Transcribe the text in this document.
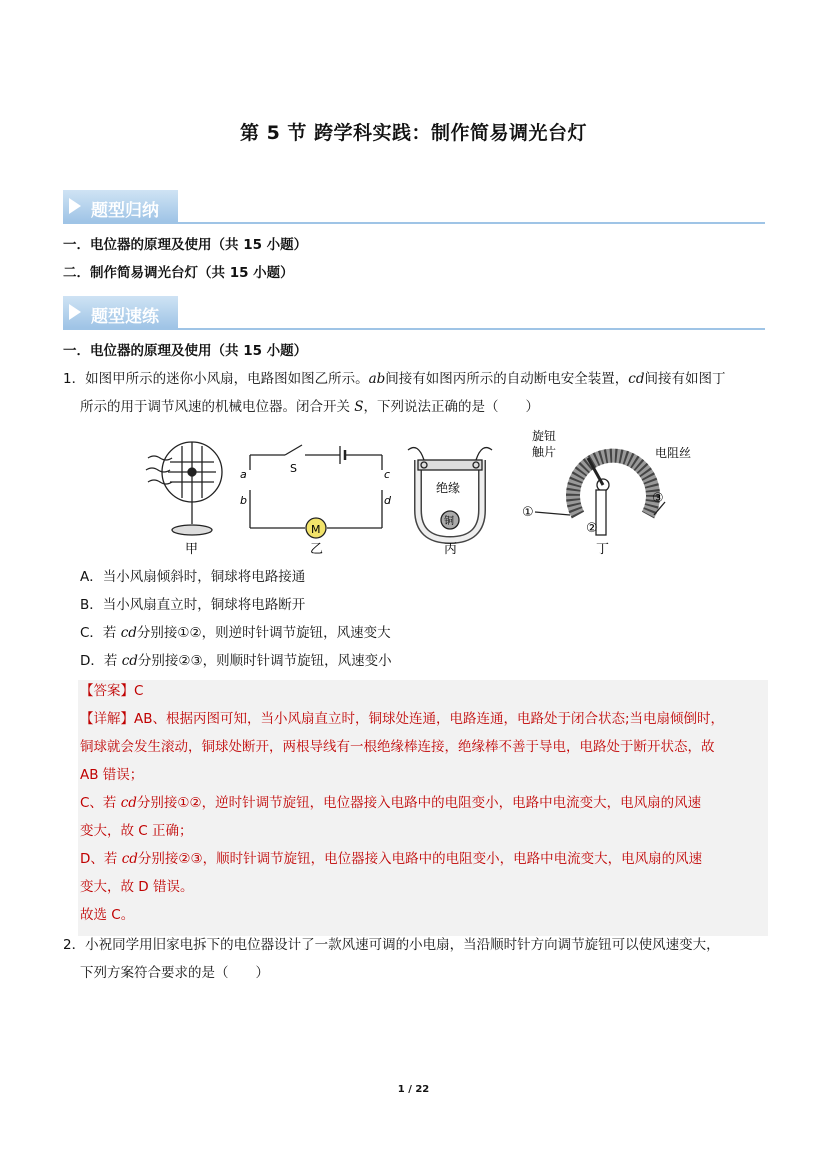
第 5 节 跨学科实践：制作简易调光台灯
题型归纳
一．电位器的原理及使用（共 15 小题）
二．制作简易调光台灯（共 15 小题）
题型速练
一．电位器的原理及使用（共 15 小题）
1．如图甲所示的迷你小风扇，电路图如图乙所示。ab间接有如图丙所示的自动断电安全装置，cd间接有如图丁
所示的用于调节风速的机械电位器。闭合开关 S，下列说法正确的是（　　）
甲
M
S
a
b
c
d
乙
绝缘
铜
丙
旋钮
触片	电阻丝
①
②
③
丁
A．当小风扇倾斜时，铜球将电路接通
B．当小风扇直立时，铜球将电路断开
C．若 cd分别接①②，则逆时针调节旋钮，风速变大
D．若 cd分别接②③，则顺时针调节旋钮，风速变小
【答案】C
【详解】AB、根据丙图可知，当小风扇直立时，铜球处连通，电路连通，电路处于闭合状态;当电扇倾倒时，
铜球就会发生滚动，铜球处断开，两根导线有一根绝缘棒连接，绝缘棒不善于导电，电路处于断开状态，故
AB 错误；
C、若 cd分别接①②，逆时针调节旋钮，电位器接入电路中的电阻变小，电路中电流变大，电风扇的风速
变大，故 C 正确；
D、若 cd分别接②③，顺时针调节旋钮，电位器接入电路中的电阻变小，电路中电流变大，电风扇的风速
变大，故 D 错误。
故选 C。
2．小祝同学用旧家电拆下的电位器设计了一款风速可调的小电扇，当沿顺时针方向调节旋钮可以使风速变大，
下列方案符合要求的是（　　）
1 / 22
